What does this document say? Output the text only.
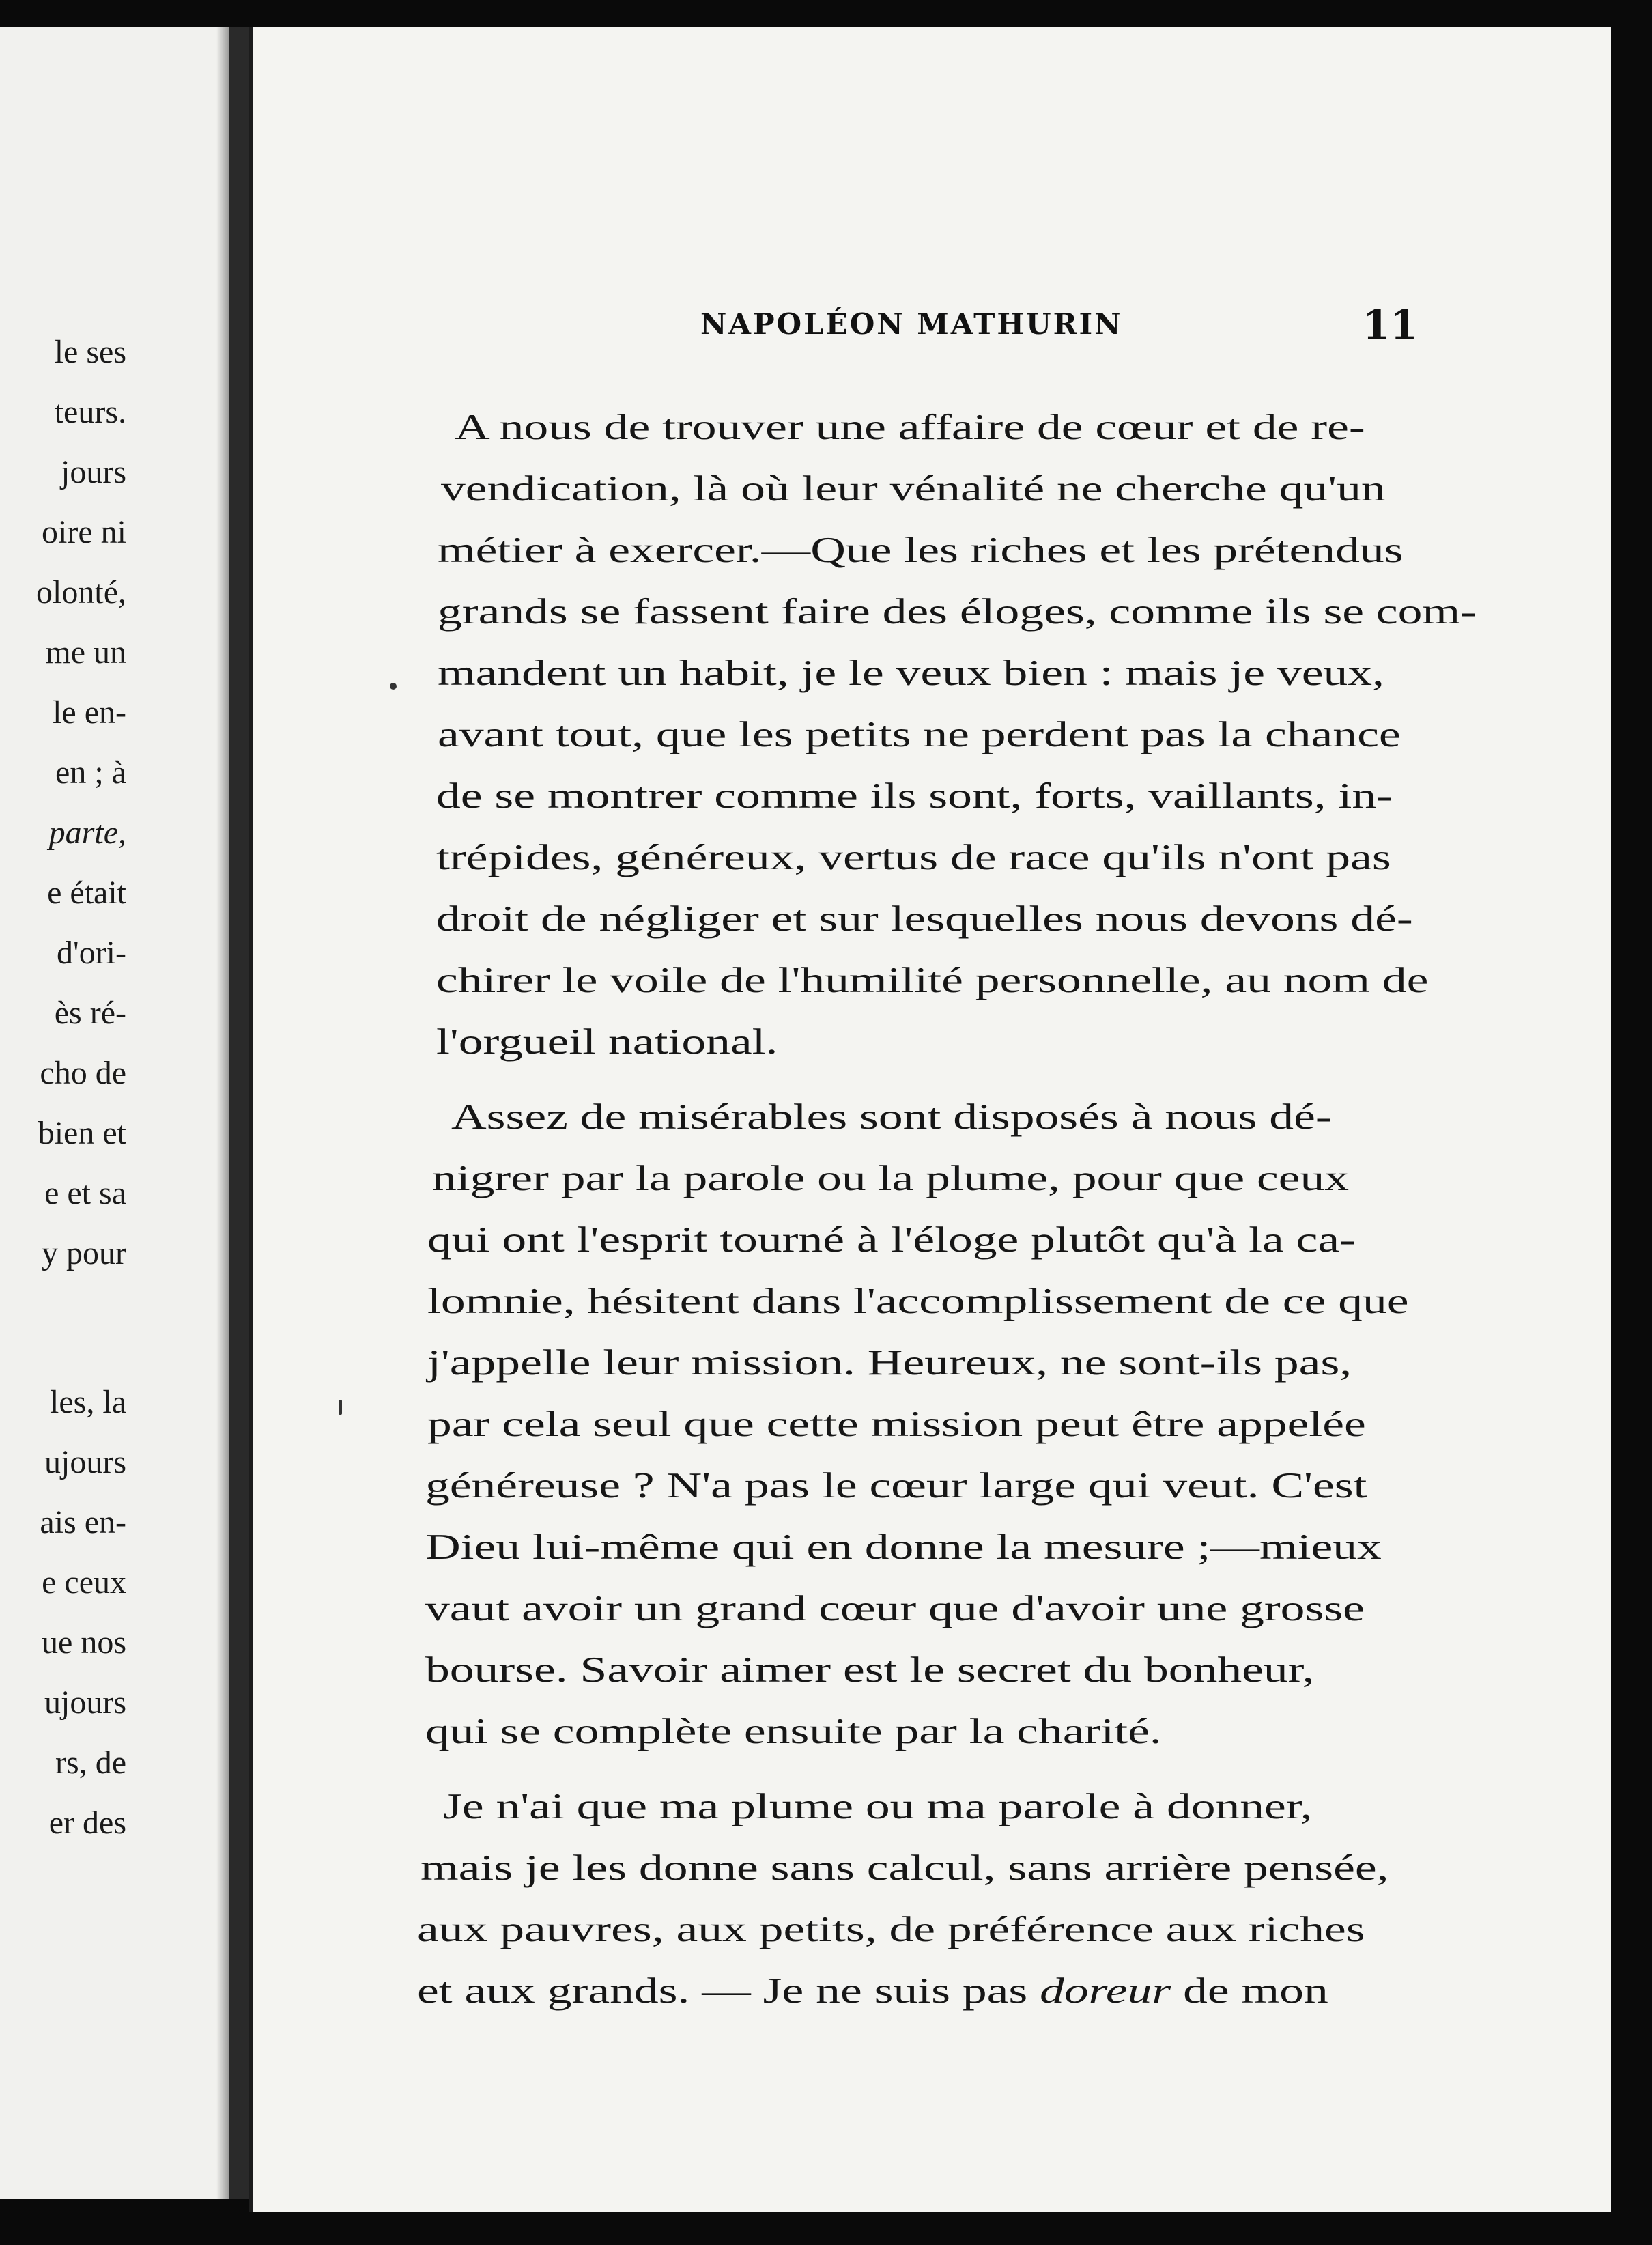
le ses
teurs.
jours
oire ni
olonté,
me un
le en-
en ; à
parte,
e était
d'ori-
ès ré-
cho de
bien et
e et sa
y pour
les, la
ujours
ais en-
e ceux
ue nos
ujours
rs, de
er des
NAPOLÉON MATHURIN	11
A nous de trouver une affaire de cœur et de re-
vendication, là où leur vénalité ne cherche qu'un
métier à exercer.—Que les riches et les prétendus
grands se fassent faire des éloges, comme ils se com-
mandent un habit, je le veux bien : mais je veux,
avant tout, que les petits ne perdent pas la chance
de se montrer comme ils sont, forts, vaillants, in-
trépides, généreux, vertus de race qu'ils n'ont pas
droit de négliger et sur lesquelles nous devons dé-
chirer le voile de l'humilité personnelle, au nom de
l'orgueil national.
Assez de misérables sont disposés à nous dé-
nigrer par la parole ou la plume, pour que ceux
qui ont l'esprit tourné à l'éloge plutôt qu'à la ca-
lomnie, hésitent dans l'accomplissement de ce que
j'appelle leur mission. Heureux, ne sont-ils pas,
par cela seul que cette mission peut être appelée
généreuse ? N'a pas le cœur large qui veut. C'est
Dieu lui-même qui en donne la mesure ;—mieux
vaut avoir un grand cœur que d'avoir une grosse
bourse. Savoir aimer est le secret du bonheur,
qui se complète ensuite par la charité.
Je n'ai que ma plume ou ma parole à donner,
mais je les donne sans calcul, sans arrière pensée,
aux pauvres, aux petits, de préférence aux riches
et aux grands. — Je ne suis pas doreur de mon
